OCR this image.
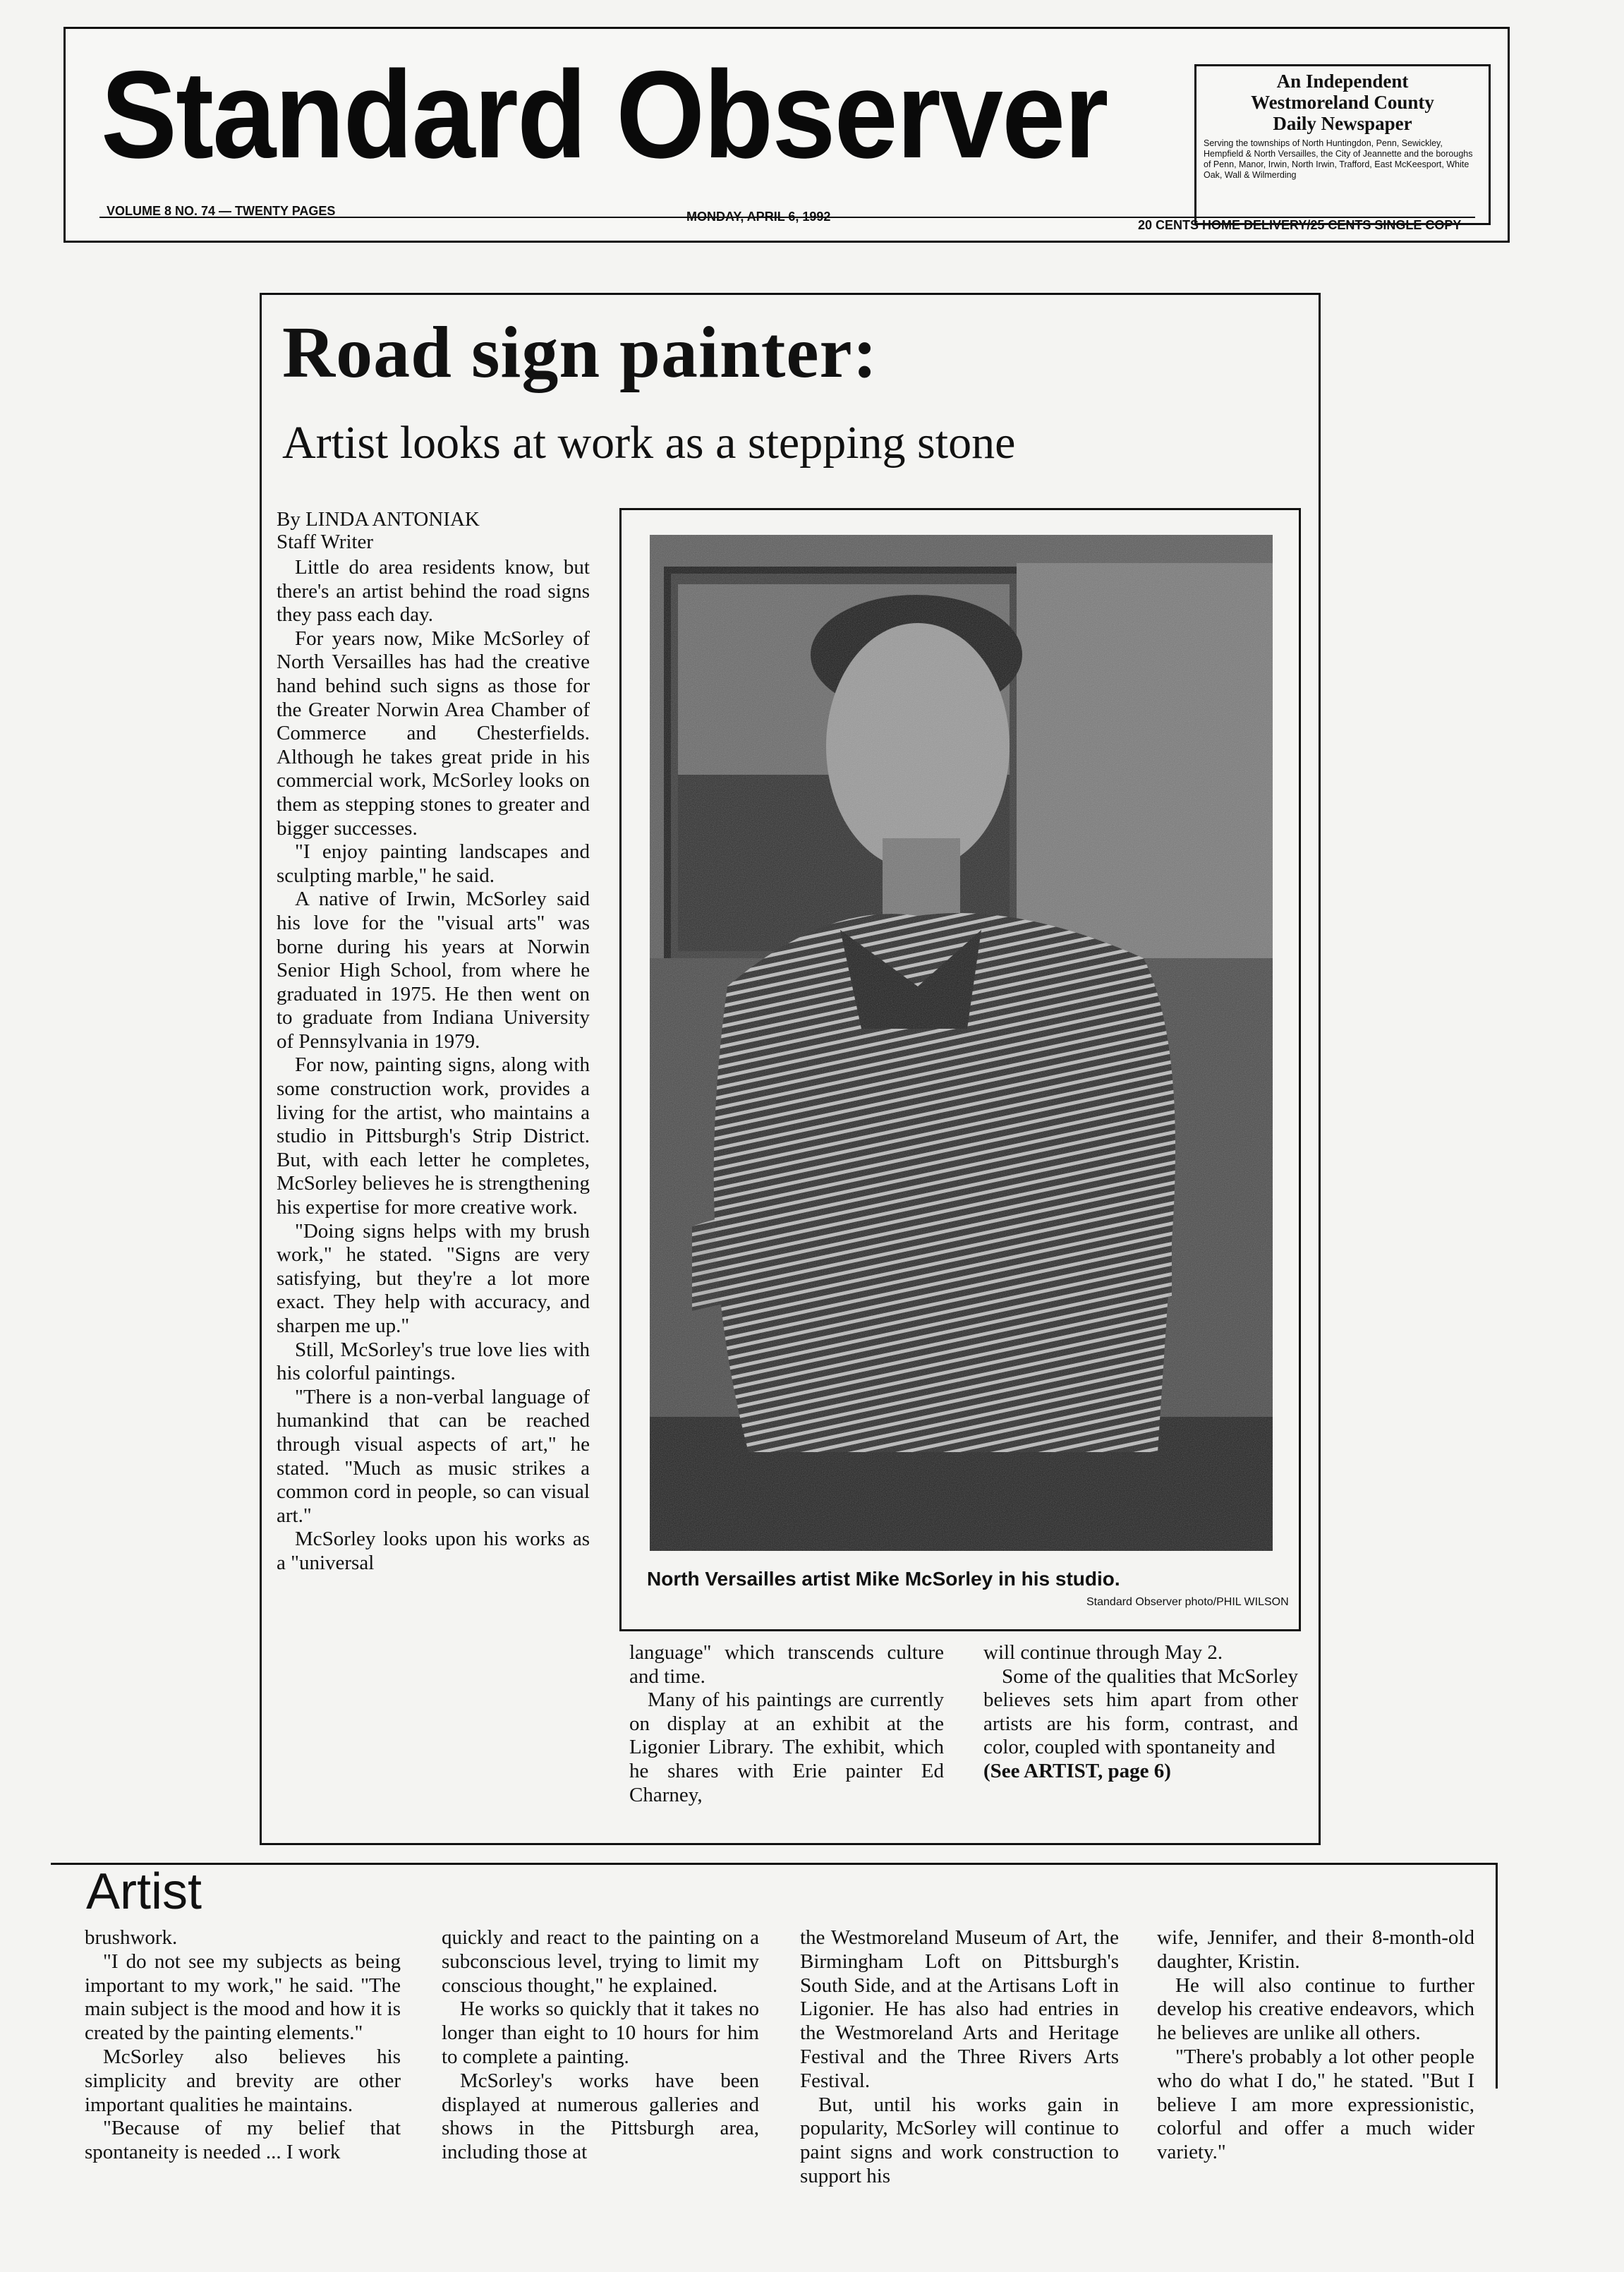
Standard Observer	An Independent
Westmoreland County
Daily Newspaper
Serving the townships of North Huntingdon, Penn, Sewickley, Hempfield & North Versailles, the City of Jeannette and the boroughs of Penn, Manor, Irwin, North Irwin, Trafford, East McKeesport, White Oak, Wall & Wilmerding
VOLUME 8 NO. 74 — TWENTY PAGES	MONDAY, APRIL 6, 1992
20 CENTS HOME DELIVERY/25 CENTS SINGLE COPY
Road sign painter:
Artist looks at work as a stepping stone
By LINDA ANTONIAK
Staff Writer

Little do area residents know, but there's an artist behind the road signs they pass each day.

For years now, Mike McSorley of North Versailles has had the creative hand behind such signs as those for the Greater Norwin Area Chamber of Commerce and Chesterfields. Although he takes great pride in his commercial work, McSorley looks on them as stepping stones to greater and bigger successes.

"I enjoy painting landscapes and sculpting marble," he said.

A native of Irwin, McSorley said his love for the "visual arts" was borne during his years at Norwin Senior High School, from where he graduated in 1975. He then went on to graduate from Indiana University of Pennsylvania in 1979.

For now, painting signs, along with some construction work, provides a living for the artist, who maintains a studio in Pittsburgh's Strip District. But, with each letter he completes, McSorley believes he is strengthening his expertise for more creative work.

"Doing signs helps with my brush work," he stated. "Signs are very satisfying, but they're a lot more exact. They help with accuracy, and sharpen me up."

Still, McSorley's true love lies with his colorful paintings.

"There is a non-verbal language of humankind that can be reached through visual aspects of art," he stated. "Much as music strikes a common cord in people, so can visual art."

McSorley looks upon his works as a "universal

North Versailles artist Mike McSorley in his studio.
Standard Observer photo/PHIL WILSON

language" which transcends culture and time.

Many of his paintings are currently on display at an exhibit at the Ligonier Library. The exhibit, which he shares with Erie painter Ed Charney,

will continue through May 2.

Some of the qualities that McSorley believes sets him apart from other artists are his form, contrast, and color, coupled with spontaneity and

(See ARTIST, page 6)
Artist

brushwork.

"I do not see my subjects as being important to my work," he said. "The main subject is the mood and how it is created by the painting elements."

McSorley also believes his simplicity and brevity are other important qualities he maintains.

"Because of my belief that spontaneity is needed ... I work

quickly and react to the painting on a subconscious level, trying to limit my conscious thought," he explained.

He works so quickly that it takes no longer than eight to 10 hours for him to complete a painting.

McSorley's works have been displayed at numerous galleries and shows in the Pittsburgh area, including those at

the Westmoreland Museum of Art, the Birmingham Loft on Pittsburgh's South Side, and at the Artisans Loft in Ligonier. He has also had entries in the Westmoreland Arts and Heritage Festival and the Three Rivers Arts Festival.

But, until his works gain in popularity, McSorley will continue to paint signs and work construction to support his

wife, Jennifer, and their 8-month-old daughter, Kristin.

He will also continue to further develop his creative endeavors, which he believes are unlike all others.

"There's probably a lot other people who do what I do," he stated. "But I believe I am more expressionistic, colorful and offer a much wider variety."
